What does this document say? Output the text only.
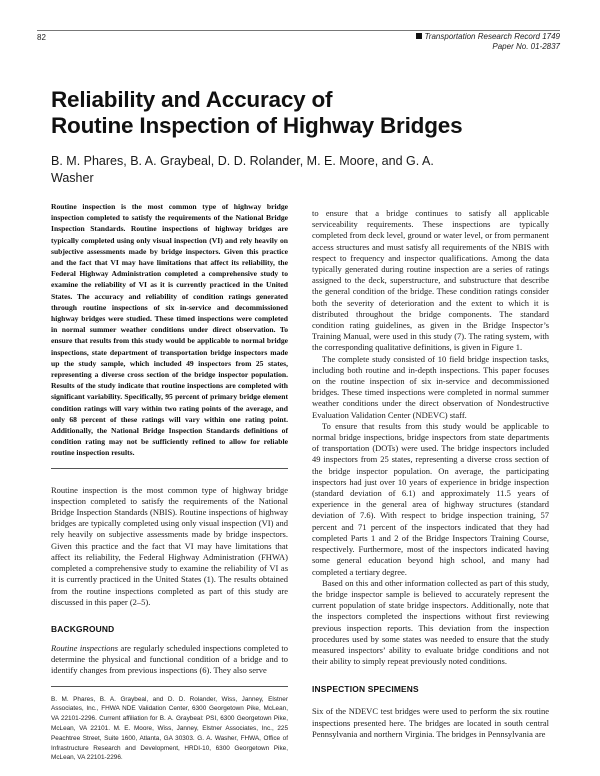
82	Transportation Research Record 1749
Paper No. 01-2837
Reliability and Accuracy of
Routine Inspection of Highway Bridges

B. M. Phares, B. A. Graybeal, D. D. Rolander, M. E. Moore, and G. A. Washer

Routine inspection is the most common type of highway bridge inspection completed to satisfy the requirements of the National Bridge Inspection Standards. Routine inspections of highway bridges are typically completed using only visual inspection (VI) and rely heavily on subjective assessments made by bridge inspectors. Given this practice and the fact that VI may have limitations that affect its reliability, the Federal Highway Administration completed a comprehensive study to examine the reliability of VI as it is currently practiced in the United States. The accuracy and reliability of condition ratings generated through routine inspections of six in-service and decommissioned highway bridges were studied. These timed inspections were completed in normal summer weather conditions under direct observation. To ensure that results from this study would be applicable to normal bridge inspections, state department of transportation bridge inspectors made up the study sample, which included 49 inspectors from 25 states, representing a diverse cross section of the bridge inspector population. Results of the study indicate that routine inspections are completed with significant variability. Specifically, 95 percent of primary bridge element condition ratings will vary within two rating points of the average, and only 68 percent of these ratings will vary within one rating point. Additionally, the National Bridge Inspection Standards definitions of condition rating may not be sufficiently refined to allow for reliable routine inspection results.

Routine inspection is the most common type of highway bridge inspection completed to satisfy the requirements of the National Bridge Inspection Standards (NBIS). Routine inspections of highway bridges are typically completed using only visual inspection (VI) and rely heavily on subjective assessments made by bridge inspectors. Given this practice and the fact that VI may have limitations that affect its reliability, the Federal Highway Administration (FHWA) completed a comprehensive study to examine the reliability of VI as it is currently practiced in the United States (1). The results obtained from the routine inspections completed as part of this study are discussed in this paper (2–5).

BACKGROUND

Routine inspections are regularly scheduled inspections completed to determine the physical and functional condition of a bridge and to identify changes from previous inspections (6). They also serve

B. M. Phares, B. A. Graybeal, and D. D. Rolander, Wiss, Janney, Elstner Associates, Inc., FHWA NDE Validation Center, 6300 Georgetown Pike, McLean, VA 22101-2296. Current affiliation for B. A. Graybeal: PSI, 6300 Georgetown Pike, McLean, VA 22101. M. E. Moore, Wiss, Janney, Elstner Associates, Inc., 225 Peachtree Street, Suite 1600, Atlanta, GA 30303. G. A. Washer, FHWA, Office of Infrastructure Research and Development, HRDI-10, 6300 Georgetown Pike, McLean, VA 22101-2296.

to ensure that a bridge continues to satisfy all applicable serviceability requirements. These inspections are typically completed from deck level, ground or water level, or from permanent access structures and must satisfy all requirements of the NBIS with respect to frequency and inspector qualifications. Among the data typically generated during routine inspection are a series of ratings assigned to the deck, superstructure, and substructure that describe the general condition of the bridge. These condition ratings consider both the severity of deterioration and the extent to which it is distributed throughout the bridge components. The standard condition rating guidelines, as given in the Bridge Inspector’s Training Manual, were used in this study (7). The rating system, with the corresponding qualitative definitions, is given in Figure 1.

The complete study consisted of 10 field bridge inspection tasks, including both routine and in-depth inspections. This paper focuses on the routine inspection of six in-service and decommissioned bridges. These timed inspections were completed in normal summer weather conditions under the direct observation of Nondestructive Evaluation Validation Center (NDEVC) staff.

To ensure that results from this study would be applicable to normal bridge inspections, bridge inspectors from state departments of transportation (DOTs) were used. The bridge inspectors included 49 inspectors from 25 states, representing a diverse cross section of the bridge inspector population. On average, the participating inspectors had just over 10 years of experience in bridge inspection (standard deviation of 6.1) and approximately 11.5 years of experience in the general area of highway structures (standard deviation of 7.6). With respect to bridge inspection training, 57 percent and 71 percent of the inspectors indicated that they had completed Parts 1 and 2 of the Bridge Inspectors Training Course, respectively. Furthermore, most of the inspectors indicated having some general education beyond high school, and many had completed a tertiary degree.

Based on this and other information collected as part of this study, the bridge inspector sample is believed to accurately represent the current population of state bridge inspectors. Additionally, note that the inspectors completed the inspections without first reviewing previous inspection reports. This deviation from the inspection procedures used by some states was needed to ensure that the study measured inspectors’ ability to evaluate bridge conditions and not their ability to simply repeat previously noted conditions.

INSPECTION SPECIMENS

Six of the NDEVC test bridges were used to perform the six routine inspections presented here. The bridges are located in south central Pennsylvania and northern Virginia. The bridges in Pennsylvania are
